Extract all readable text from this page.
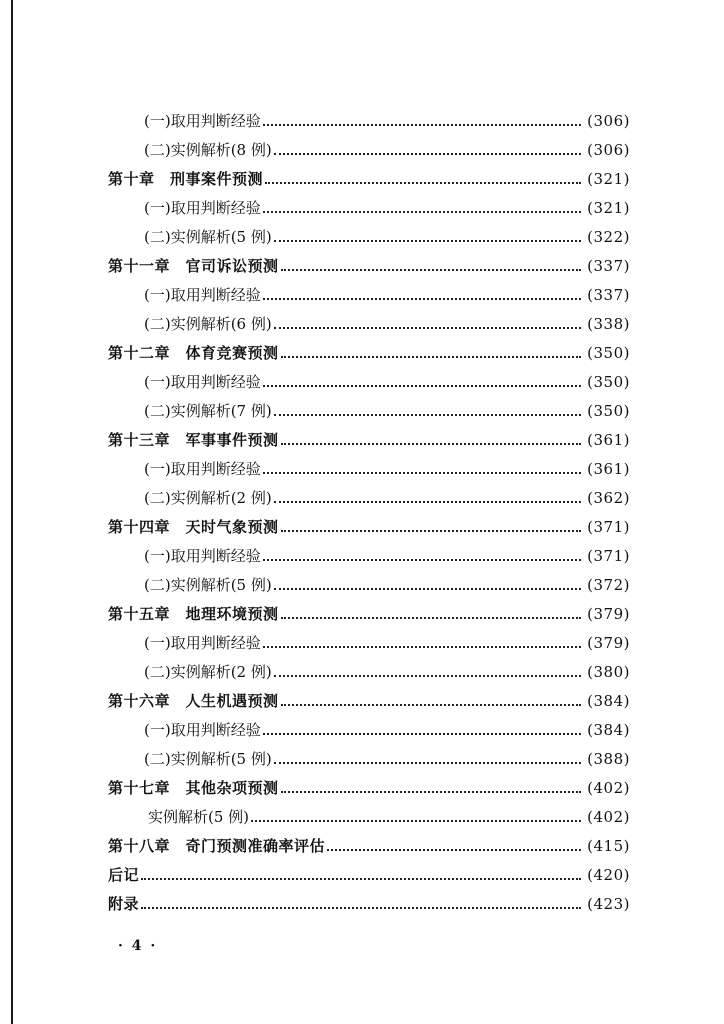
(一)取用判断经验	(306)
(二)实例解析(8 例)	(306)
第十章　刑事案件预测	(321)
(一)取用判断经验	(321)
(二)实例解析(5 例)	(322)
第十一章　官司诉讼预测	(337)
(一)取用判断经验	(337)
(二)实例解析(6 例)	(338)
第十二章　体育竞赛预测	(350)
(一)取用判断经验	(350)
(二)实例解析(7 例)	(350)
第十三章　军事事件预测	(361)
(一)取用判断经验	(361)
(二)实例解析(2 例)	(362)
第十四章　天时气象预测	(371)
(一)取用判断经验	(371)
(二)实例解析(5 例)	(372)
第十五章　地理环境预测	(379)
(一)取用判断经验	(379)
(二)实例解析(2 例)	(380)
第十六章　人生机遇预测	(384)
(一)取用判断经验	(384)
(二)实例解析(5 例)	(388)
第十七章　其他杂项预测	(402)
实例解析(5 例)	(402)
第十八章　奇门预测准确率评估	(415)
后记	(420)
附录	(423)
· 4 ·
